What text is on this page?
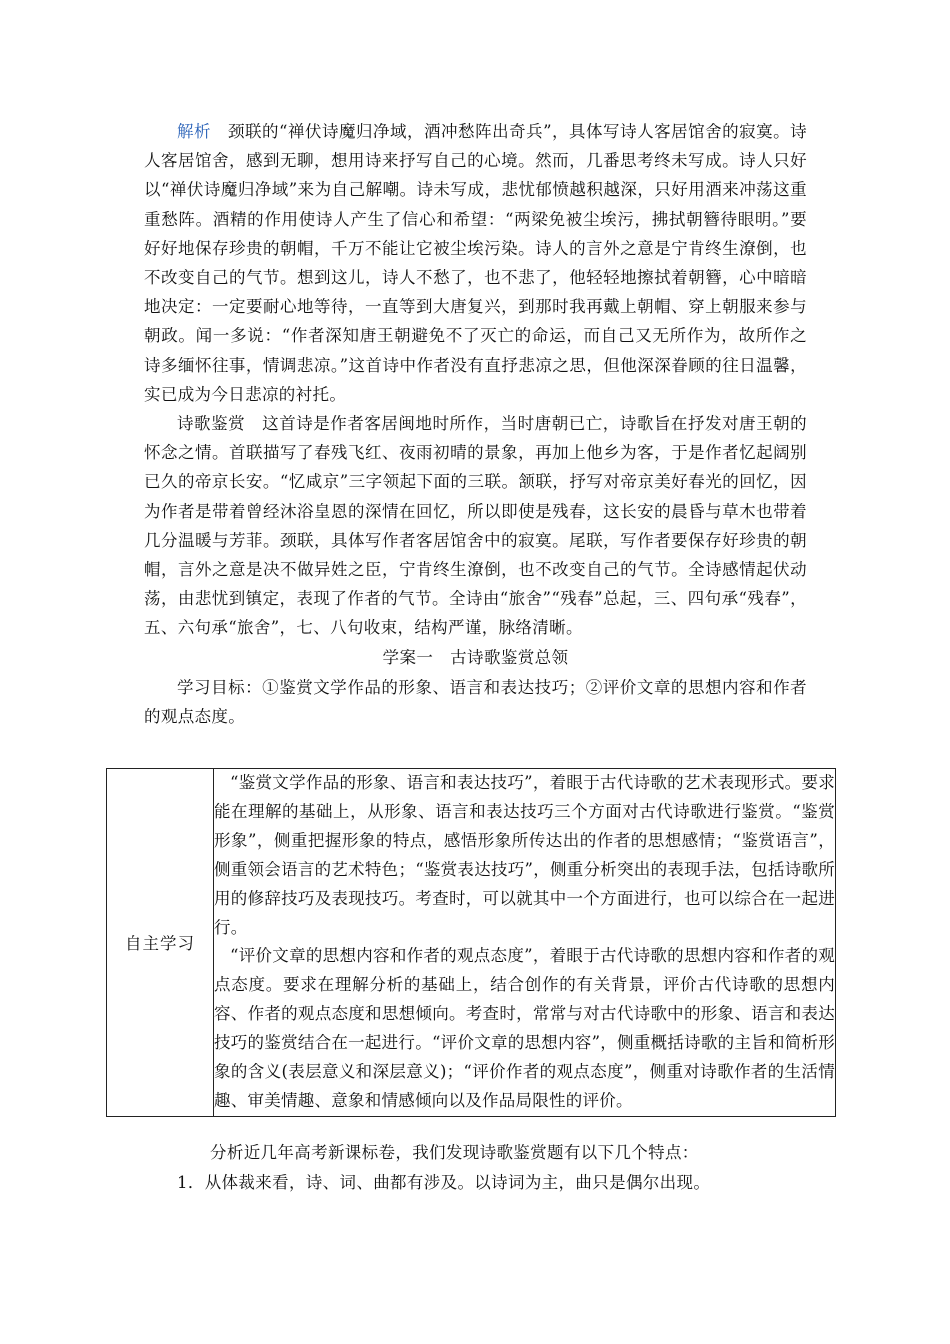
解析　颈联的“禅伏诗魔归净域，酒冲愁阵出奇兵”，具体写诗人客居馆舍的寂寞。诗人客居馆舍，感到无聊，想用诗来抒写自己的心境。然而，几番思考终未写成。诗人只好以“禅伏诗魔归净域”来为自己解嘲。诗未写成，悲忧郁愤越积越深，只好用酒来冲荡这重重愁阵。酒精的作用使诗人产生了信心和希望：“两梁免被尘埃污，拂拭朝簪待眼明。”要好好地保存珍贵的朝帽，千万不能让它被尘埃污染。诗人的言外之意是宁肯终生潦倒，也不改变自己的气节。想到这儿，诗人不愁了，也不悲了，他轻轻地擦拭着朝簪，心中暗暗地决定：一定要耐心地等待，一直等到大唐复兴，到那时我再戴上朝帽、穿上朝服来参与朝政。闻一多说：“作者深知唐王朝避免不了灭亡的命运，而自己又无所作为，故所作之诗多缅怀往事，情调悲凉。”这首诗中作者没有直抒悲凉之思，但他深深眷顾的往日温馨，实已成为今日悲凉的衬托。

诗歌鉴赏　这首诗是作者客居闽地时所作，当时唐朝已亡，诗歌旨在抒发对唐王朝的怀念之情。首联描写了春残飞红、夜雨初晴的景象，再加上他乡为客，于是作者忆起阔别已久的帝京长安。“忆咸京”三字领起下面的三联。颔联，抒写对帝京美好春光的回忆，因为作者是带着曾经沐浴皇恩的深情在回忆，所以即使是残春，这长安的晨昏与草木也带着几分温暖与芳菲。颈联，具体写作者客居馆舍中的寂寞。尾联，写作者要保存好珍贵的朝帽，言外之意是决不做异姓之臣，宁肯终生潦倒，也不改变自己的气节。全诗感情起伏动荡，由悲忧到镇定，表现了作者的气节。全诗由“旅舍”“残春”总起，三、四句承“残春”，五、六句承“旅舍”，七、八句收束，结构严谨，脉络清晰。

学案一　古诗歌鉴赏总领

学习目标：①鉴赏文学作品的形象、语言和表达技巧；②评价文章的思想内容和作者的观点态度。

自主学习	

“鉴赏文学作品的形象、语言和表达技巧”，着眼于古代诗歌的艺术表现形式。要求能在理解的基础上，从形象、语言和表达技巧三个方面对古代诗歌进行鉴赏。“鉴赏形象”，侧重把握形象的特点，感悟形象所传达出的作者的思想感情；“鉴赏语言”，侧重领会语言的艺术特色；“鉴赏表达技巧”，侧重分析突出的表现手法，包括诗歌所用的修辞技巧及表现技巧。考查时，可以就其中一个方面进行，也可以综合在一起进行。

“评价文章的思想内容和作者的观点态度”，着眼于古代诗歌的思想内容和作者的观点态度。要求在理解分析的基础上，结合创作的有关背景，评价古代诗歌的思想内容、作者的观点态度和思想倾向。考查时，常常与对古代诗歌中的形象、语言和表达技巧的鉴赏结合在一起进行。“评价文章的思想内容”，侧重概括诗歌的主旨和简析形象的含义(表层意义和深层意义)；“评价作者的观点态度”，侧重对诗歌作者的生活情趣、审美情趣、意象和情感倾向以及作品局限性的评价。

分析近几年高考新课标卷，我们发现诗歌鉴赏题有以下几个特点：

1．从体裁来看，诗、词、曲都有涉及。以诗词为主，曲只是偶尔出现。
